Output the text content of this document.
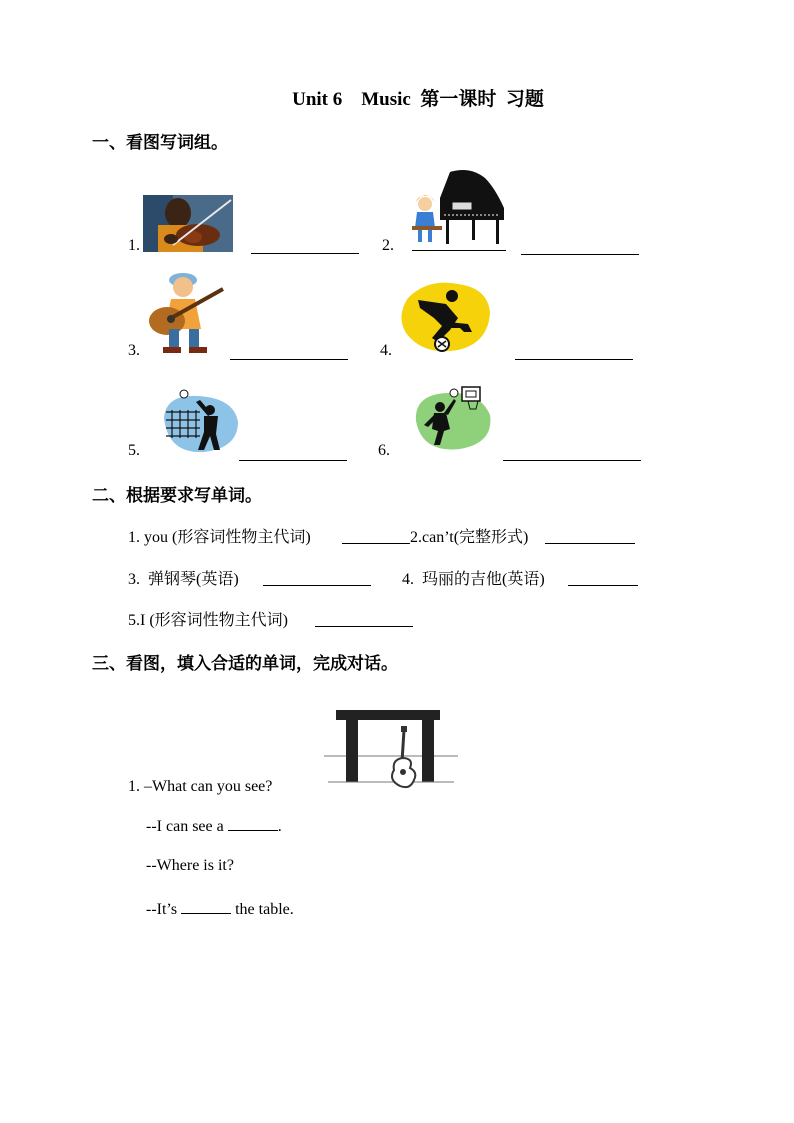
Unit 6    Music  第一课时  习题
一、看图写词组。
1.	2.
3.	4.
5.	6.
二、根据要求写单词。
1. you (形容词性物主代词)	2.can’t(完整形式)
3.  弹钢琴(英语)	4.  玛丽的吉他(英语)
5.I (形容词性物主代词)
三、看图，填入合适的单词，完成对话。
1. –What can you see?
--I can see a	.
--Where is it?
--It’s	the table.
